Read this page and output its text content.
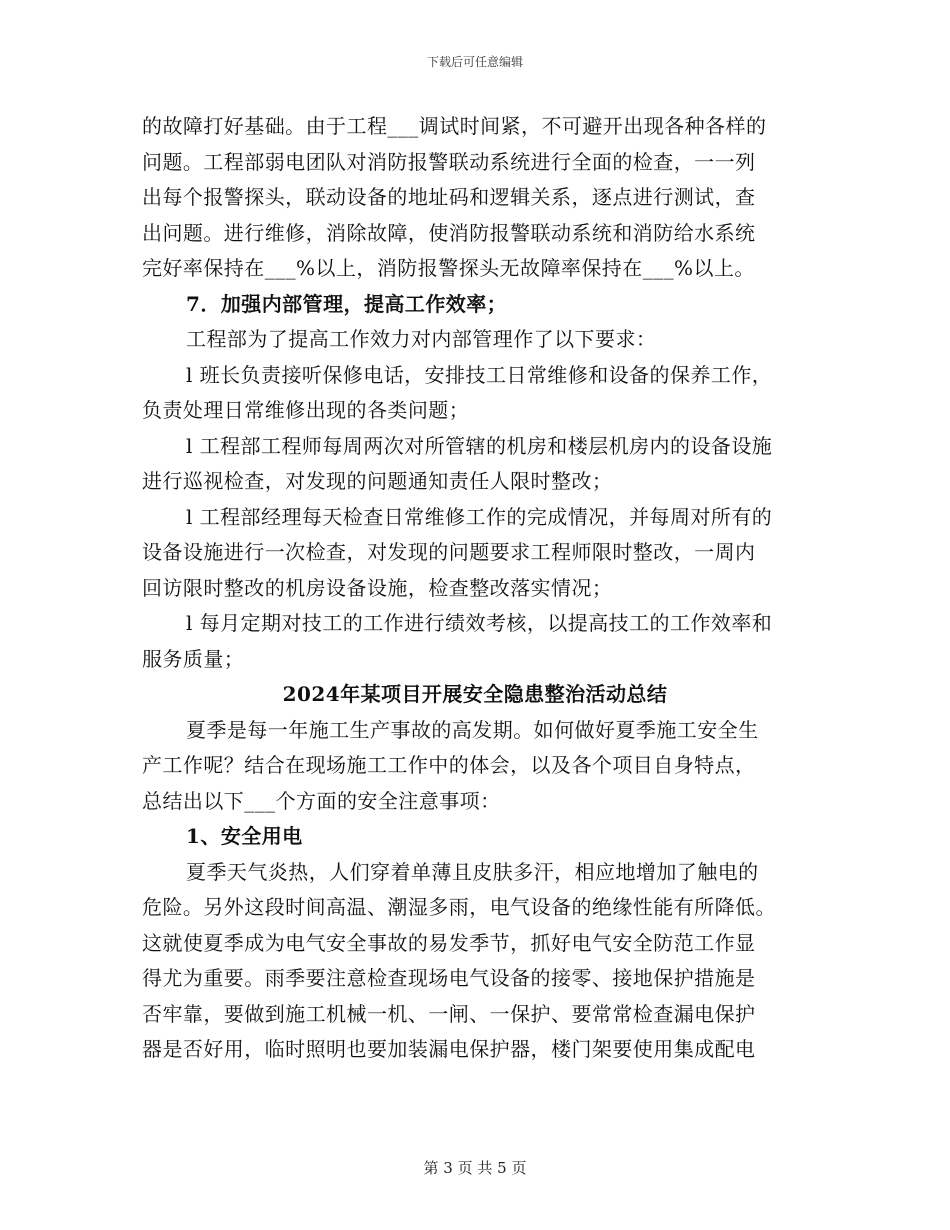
下载后可任意编辑
的故障打好基础。由于工程___调试时间紧，不可避开出现各种各样的
问题。工程部弱电团队对消防报警联动系统进行全面的检查，一一列
出每个报警探头，联动设备的地址码和逻辑关系，逐点进行测试，查
出问题。进行维修，消除故障，使消防报警联动系统和消防给水系统
完好率保持在___%以上，消防报警探头无故障率保持在___%以上。
7．加强内部管理，提高工作效率；
工程部为了提高工作效力对内部管理作了以下要求：
l 班长负责接听保修电话，安排技工日常维修和设备的保养工作，
负责处理日常维修出现的各类问题；
l 工程部工程师每周两次对所管辖的机房和楼层机房内的设备设施
进行巡视检查，对发现的问题通知责任人限时整改；
l 工程部经理每天检查日常维修工作的完成情况，并每周对所有的
设备设施进行一次检查，对发现的问题要求工程师限时整改，一周内
回访限时整改的机房设备设施，检查整改落实情况；
l 每月定期对技工的工作进行绩效考核，以提高技工的工作效率和
服务质量；
2024年某项目开展安全隐患整治活动总结
夏季是每一年施工生产事故的高发期。如何做好夏季施工安全生
产工作呢？结合在现场施工工作中的体会，以及各个项目自身特点，
总结出以下___个方面的安全注意事项：
1、安全用电
夏季天气炎热，人们穿着单薄且皮肤多汗，相应地增加了触电的
危险。另外这段时间高温、潮湿多雨，电气设备的绝缘性能有所降低。
这就使夏季成为电气安全事故的易发季节，抓好电气安全防范工作显
得尤为重要。雨季要注意检查现场电气设备的接零、接地保护措施是
否牢靠，要做到施工机械一机、一闸、一保护、要常常检查漏电保护
器是否好用，临时照明也要加装漏电保护器，楼门架要使用集成配电
第 3 页 共 5 页
